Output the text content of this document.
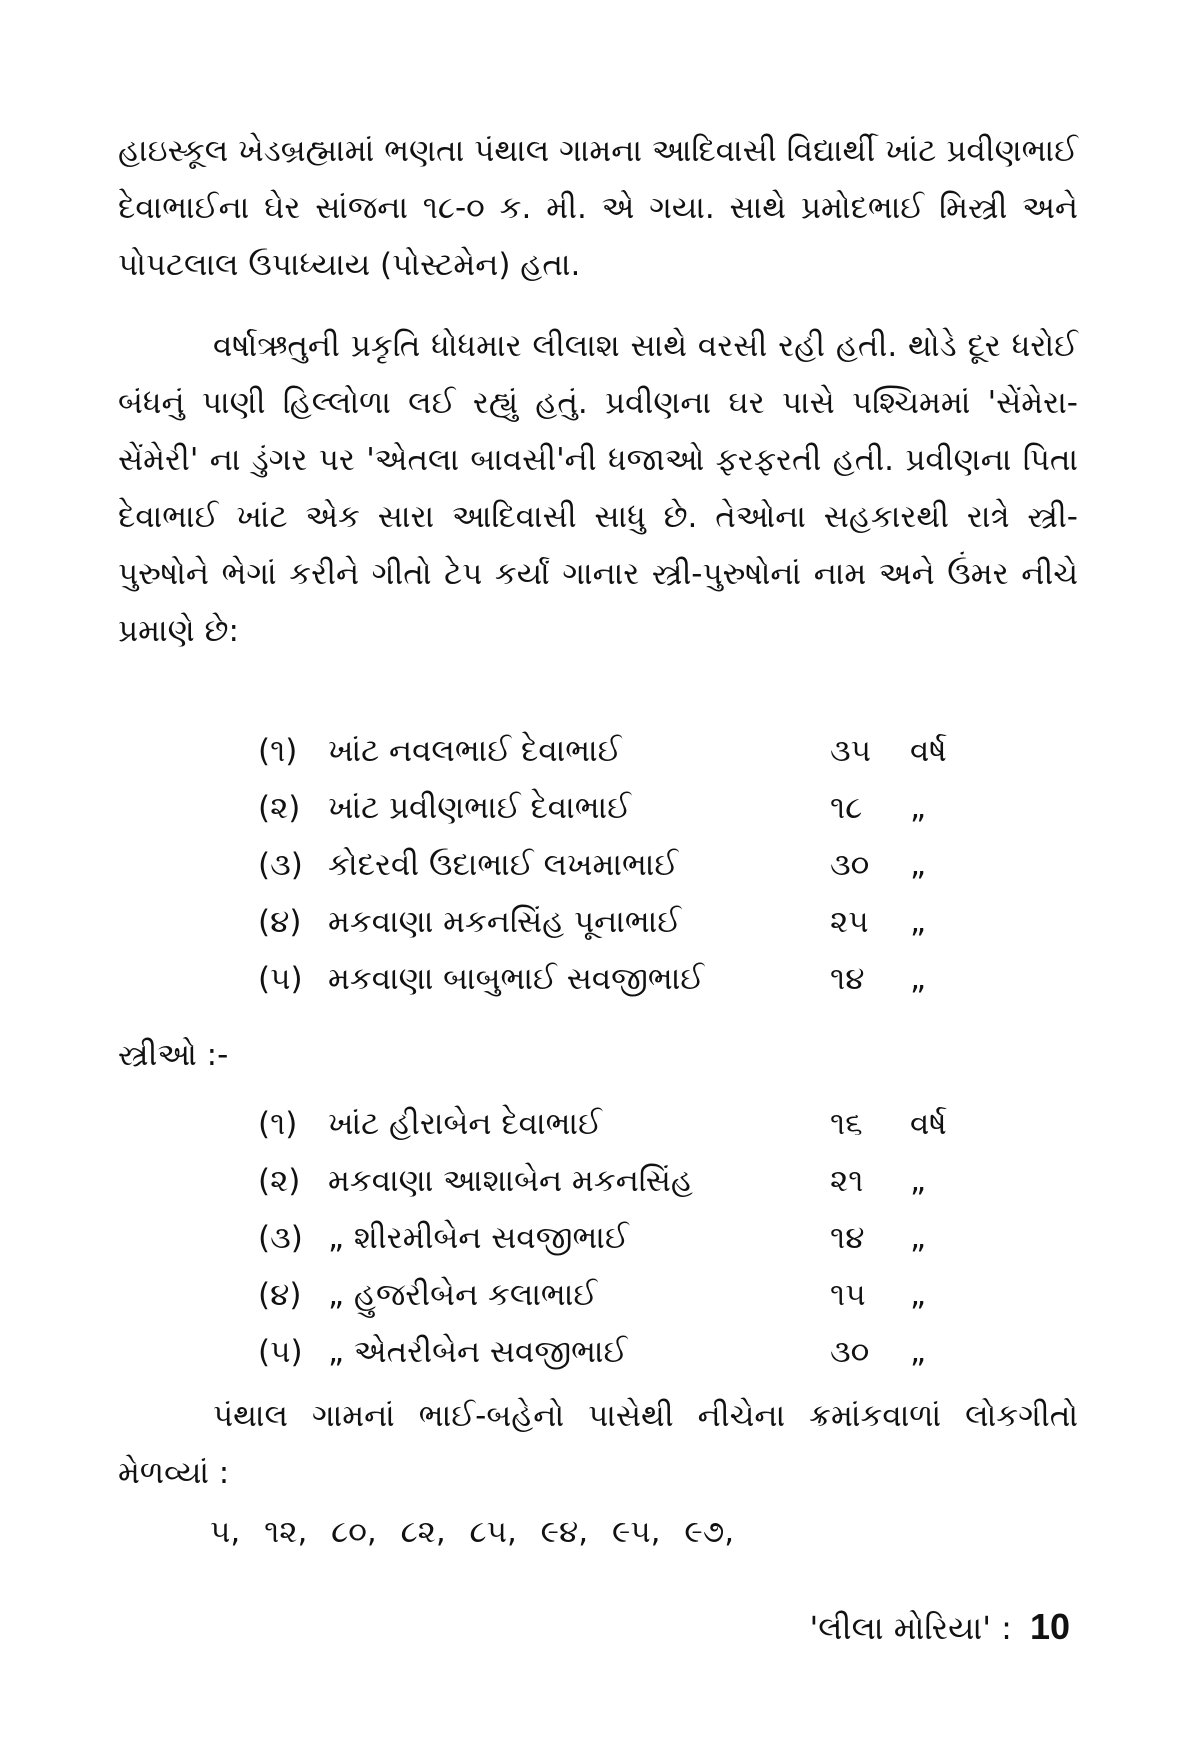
હાઇસ્કૂલ ખેડબ્રહ્મામાં ભણતા પંથાલ ગામના આદિવાસી વિદ્યાર્થી ખાંટ પ્રવીણભાઈ દેવાભાઈના ઘેર સાંજના ૧૮-૦ ક. મી. એ ગયા. સાથે પ્રમોદભાઈ મિસ્ત્રી અને પોપટલાલ ઉપાધ્યાય (પોસ્ટમેન) હતા.

વર્ષાઋતુની પ્રકૃતિ ધોધમાર લીલાશ સાથે વરસી રહી હતી. થોડે દૂર ધરોઈ બંધનું પાણી હિલ્લોળા લઈ રહ્યું હતું. પ્રવીણના ઘર પાસે પશ્ચિમમાં 'સેંમેરા-સેંમેરી' ના ડુંગર પર 'એતલા બાવસી'ની ધજાઓ ફરફરતી હતી. પ્રવીણના પિતા દેવાભાઈ ખાંટ એક સારા આદિવાસી સાધુ છે. તેઓના સહકારથી રાત્રે સ્ત્રી-પુરુષોને ભેગાં કરીને ગીતો ટેપ કર્યાં ગાનાર સ્ત્રી-પુરુષોનાં નામ અને ઉંમર નીચે પ્રમાણે છે:

(૧) ખાંટ નવલભાઈ દેવાભાઈ	૩૫	વર્ષ
(૨) ખાંટ પ્રવીણભાઈ દેવાભાઈ	૧૮	„
(૩) કોદરવી ઉદાભાઈ લખમાભાઈ	૩૦	„
(૪) મકવાણા મકનસિંહ પૂનાભાઈ	૨૫	„
(૫) મકવાણા બાબુભાઈ સવજીભાઈ	૧૪	„
સ્ત્રીઓ :-
(૧) ખાંટ હીરાબેન દેવાભાઈ	૧૬	વર્ષ
(૨) મકવાણા આશાબેન મકનસિંહ	૨૧	„
(૩) „ શીરમીબેન સવજીભાઈ	૧૪	„
(૪) „ હુજરીબેન કલાભાઈ	૧૫	„
(૫) „ એતરીબેન સવજીભાઈ	૩૦	„

પંથાલ ગામનાં ભાઈ-બહેનો પાસેથી નીચેના ક્રમાંકવાળાં લોકગીતો મેળવ્યાં :

૫, ૧૨, ૮૦, ૮૨, ૮૫, ૯૪, ૯૫, ૯૭,
'લીલા મોરિયા' : 10
